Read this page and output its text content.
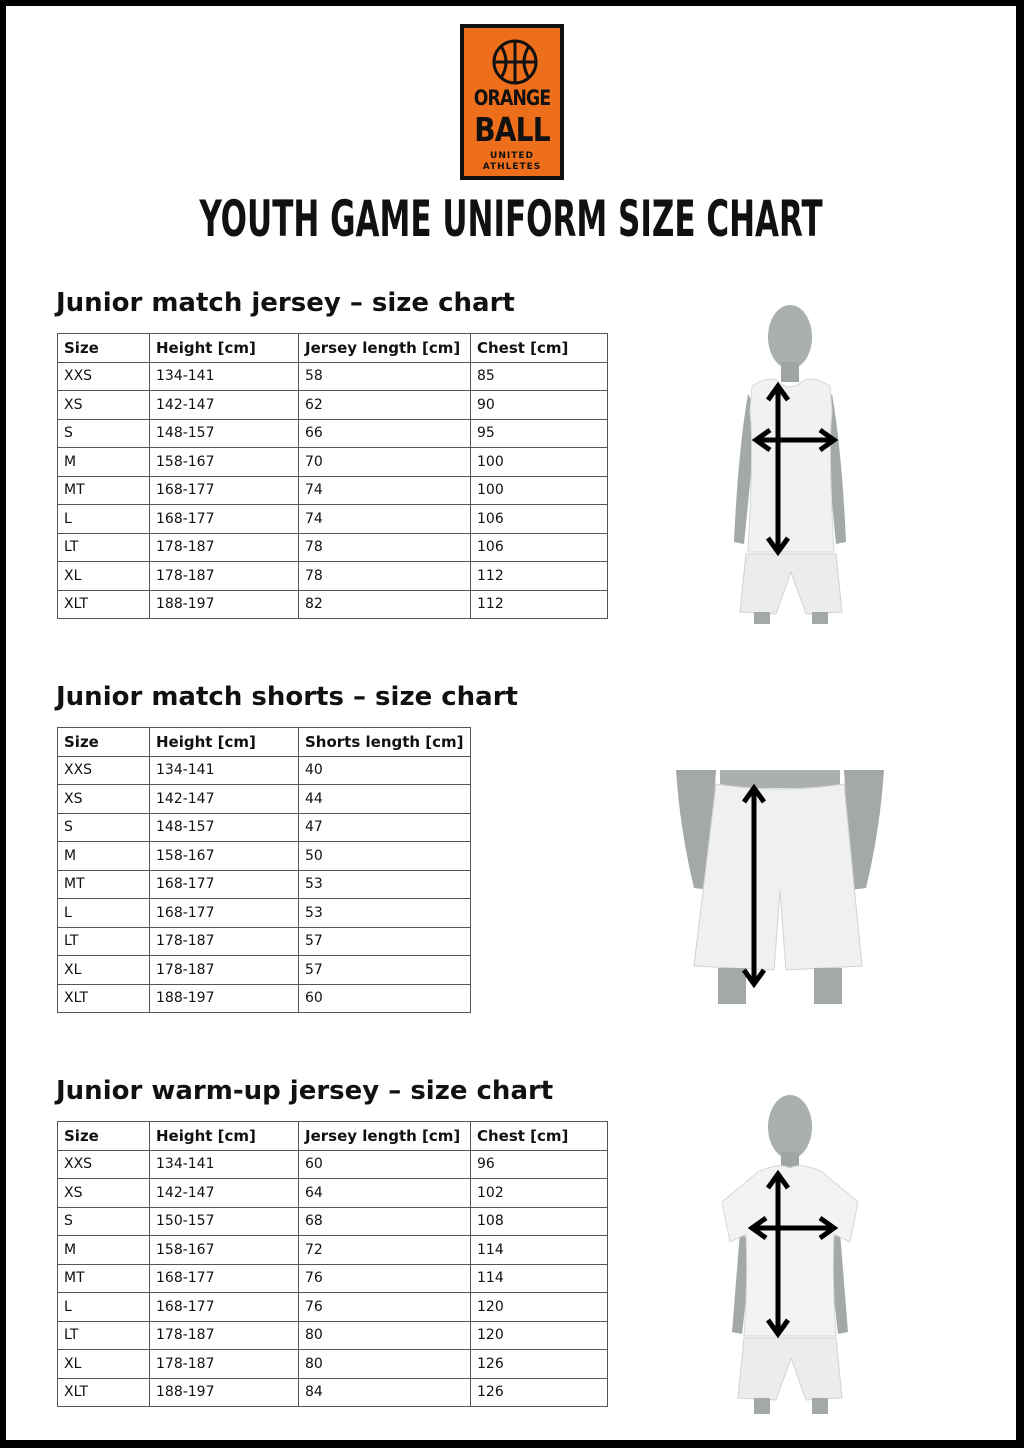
ORANGE
BALL
UNITED
ATHLETES
YOUTH GAME UNIFORM SIZE CHART
Junior match jersey – size chart
Size	Height [cm]	Jersey length [cm]	Chest [cm]
XXS	134-141	58	85
XS	142-147	62	90
S	148-157	66	95
M	158-167	70	100
MT	168-177	74	100
L	168-177	74	106
LT	178-187	78	106
XL	178-187	78	112
XLT	188-197	82	112
Junior match shorts – size chart
Size	Height [cm]	Shorts length [cm]
XXS	134-141	40
XS	142-147	44
S	148-157	47
M	158-167	50
MT	168-177	53
L	168-177	53
LT	178-187	57
XL	178-187	57
XLT	188-197	60
Junior warm-up jersey – size chart
Size	Height [cm]	Jersey length [cm]	Chest [cm]
XXS	134-141	60	96
XS	142-147	64	102
S	150-157	68	108
M	158-167	72	114
MT	168-177	76	114
L	168-177	76	120
LT	178-187	80	120
XL	178-187	80	126
XLT	188-197	84	126
